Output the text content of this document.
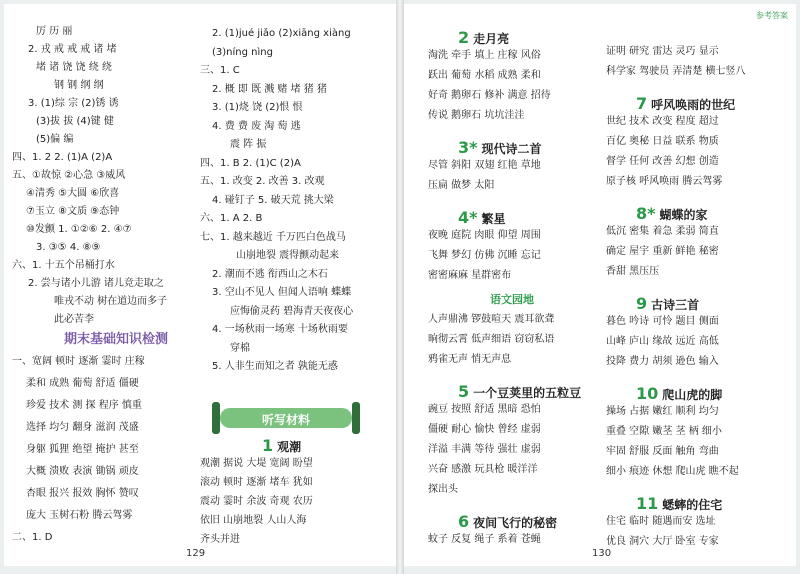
厉 历 丽
2. 戎 戒 戒 戒 诸 堵
堵 诸 饶 饶 绕 绕
钢 钢 纲 纲
3. (1)综 宗 (2)锈 诱
(3)拔 拔 (4)键 健
(5)偏 编
四、1. 2 2. (1)A (2)A
五、①故惊 ②心急 ③威风
④清秀 ⑤大圆 ⑥欣喜
⑦玉立 ⑧文质 ⑨态钟
⑩发颤 1. ①②⑥ 2. ④⑦
3. ③⑤ 4. ⑧⑨
六、1. 十五个吊桶打水
2. 尝与诸小儿游 诸儿竞走取之
唯戎不动 树在道边而多子
此必苦李
期末基础知识检测
一、宽阔 顿时 逐渐 霎时 庄稼
柔和 成熟 葡萄 舒适 僵硬
珍爱 技术 测 探 程序 慎重
选择 均匀 翻身 滋润 茂盛
身躯 狐狸 绝望 掩护 甚至
大概 溃败 表演 锄锅 顽皮
杏眼 报兴 报效 胸怀 赞叹
庞大 玉树石粉 腾云驾雾
二、1. D
2. (1)jué jiǎo (2)xiāng xiàng
(3)níng nìng
三、1. C
2. 概 即 既 溅 赌 堵 猪 猪
3. (1)烧 饶 (2)恨 恨
4. 费 费 废 淘 萄 逃
震 阵 振
四、1. B 2. (1)C (2)A
五、1. 改变 2. 改善 3. 改观
4. 碰钉子 5. 破天荒 挑大梁
六、1. A 2. B
七、1. 越来越近 千万匹白色战马
山崩地裂 震得颤动起来
2. 潮而不逃 衔西山之木石
3. 空山不见人 但闻人语响 蝶蝶
应悔偷灵药 碧海青天夜夜心
4. 一场秋雨一场寒 十场秋雨要
穿棉
5. 人非生而知之者 孰能无惑
1 观潮
观潮 据说 大堤 宽阔 盼望
滚动 顿时 逐渐 堵车 犹如
震动 霎时 余波 奇观 农历
依旧 山崩地裂 人山人海
齐头并进
听写材料
129
参考答案
2 走月亮
淘洗 牵手 填上 庄稼 风俗
跃出 葡萄 水稻 成熟 柔和
好奇 鹅卵石 修补 满意 招待
传说 鹅卵石 坑坑洼洼
3* 现代诗二首
尽管 斜阳 双翅 红艳 草地
压扁 做梦 太阳
4* 繁星
夜晚 庭院 肉眼 仰望 周围
飞舞 梦幻 仿佛 沉睡 忘记
密密麻麻 星群密布
语文园地
人声鼎沸 锣鼓喧天 震耳欲聋
晌彻云霄 低声细语 窃窃私语
鸦雀无声 悄无声息
5 一个豆荚里的五粒豆
豌豆 按照 舒适 黑暗 恐怕
僵硬 耐心 愉快 曾经 虚弱
洋溢 丰满 等待 强壮 虚弱
兴奋 感激 玩具枪 暖洋洋
探出头
6 夜间飞行的秘密
蚊子 反复 绳子 系着 苍蝇
证明 研究 雷达 灵巧 显示
科学家 驾驶员 弄清楚 横七竖八
7 呼风唤雨的世纪
世纪 技术 改变 程度 超过
百亿 奥秘 日益 联系 物质
督学 任何 改善 幻想 创造
原子核 呼风唤雨 腾云驾雾
8* 蝴蝶的家
低沉 密集 着急 柔弱 简直
确定 屋宇 重新 鲜艳 秘密
香甜 黑压压
9 古诗三首
暮色 吟诗 可怜 题目 侧面
山峰 庐山 缘故 远近 高低
投降 费力 胡须 逊色 输入
10 爬山虎的脚
操场 占据 嫩红 顺利 均匀
重叠 空隙 嫩茎 茎 柄 细小
牢固 舒服 反面 触角 弯曲
细小 痕迹 休想 爬山虎 瞧不起
11 蟋蟀的住宅
住宅 临时 随遇而安 选址
优良 洞穴 大厅 卧室 专家
130
